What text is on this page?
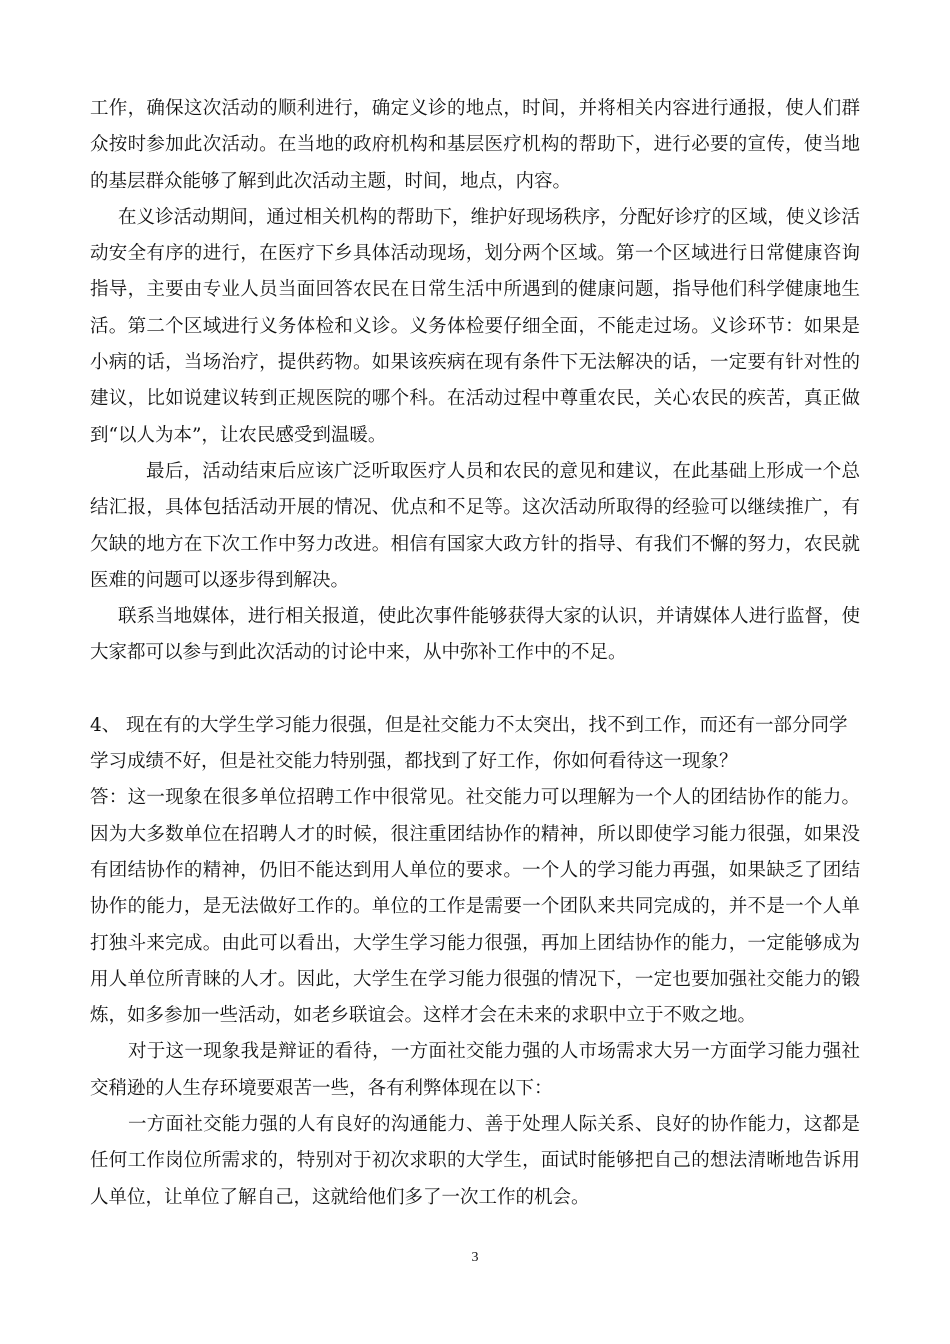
工作，确保这次活动的顺利进行，确定义诊的地点，时间，并将相关内容进行通报，使人们群众按时参加此次活动。在当地的政府机构和基层医疗机构的帮助下，进行必要的宣传，使当地的基层群众能够了解到此次活动主题，时间，地点，内容。

在义诊活动期间，通过相关机构的帮助下，维护好现场秩序，分配好诊疗的区域，使义诊活动安全有序的进行，在医疗下乡具体活动现场，划分两个区域。第一个区域进行日常健康咨询指导，主要由专业人员当面回答农民在日常生活中所遇到的健康问题，指导他们科学健康地生活。第二个区域进行义务体检和义诊。义务体检要仔细全面，不能走过场。义诊环节：如果是小病的话，当场治疗，提供药物。如果该疾病在现有条件下无法解决的话，一定要有针对性的建议，比如说建议转到正规医院的哪个科。在活动过程中尊重农民，关心农民的疾苦，真正做到“以人为本”，让农民感受到温暖。

最后，活动结束后应该广泛听取医疗人员和农民的意见和建议，在此基础上形成一个总结汇报，具体包括活动开展的情况、优点和不足等。这次活动所取得的经验可以继续推广，有欠缺的地方在下次工作中努力改进。相信有国家大政方针的指导、有我们不懈的努力，农民就医难的问题可以逐步得到解决。

联系当地媒体，进行相关报道，使此次事件能够获得大家的认识，并请媒体人进行监督，使大家都可以参与到此次活动的讨论中来，从中弥补工作中的不足。

4、 现在有的大学生学习能力很强，但是社交能力不太突出，找不到工作，而还有一部分同学

学习成绩不好，但是社交能力特别强，都找到了好工作，你如何看待这一现象？

答：这一现象在很多单位招聘工作中很常见。社交能力可以理解为一个人的团结协作的能力。因为大多数单位在招聘人才的时候，很注重团结协作的精神，所以即使学习能力很强，如果没有团结协作的精神，仍旧不能达到用人单位的要求。一个人的学习能力再强，如果缺乏了团结协作的能力，是无法做好工作的。单位的工作是需要一个团队来共同完成的，并不是一个人单打独斗来完成。由此可以看出，大学生学习能力很强，再加上团结协作的能力，一定能够成为用人单位所青睐的人才。因此，大学生在学习能力很强的情况下，一定也要加强社交能力的锻炼，如多参加一些活动，如老乡联谊会。这样才会在未来的求职中立于不败之地。

对于这一现象我是辩证的看待，一方面社交能力强的人市场需求大另一方面学习能力强社交稍逊的人生存环境要艰苦一些，各有利弊体现在以下：

一方面社交能力强的人有良好的沟通能力、善于处理人际关系、良好的协作能力，这都是任何工作岗位所需求的，特别对于初次求职的大学生，面试时能够把自己的想法清晰地告诉用人单位，让单位了解自己，这就给他们多了一次工作的机会。

3
